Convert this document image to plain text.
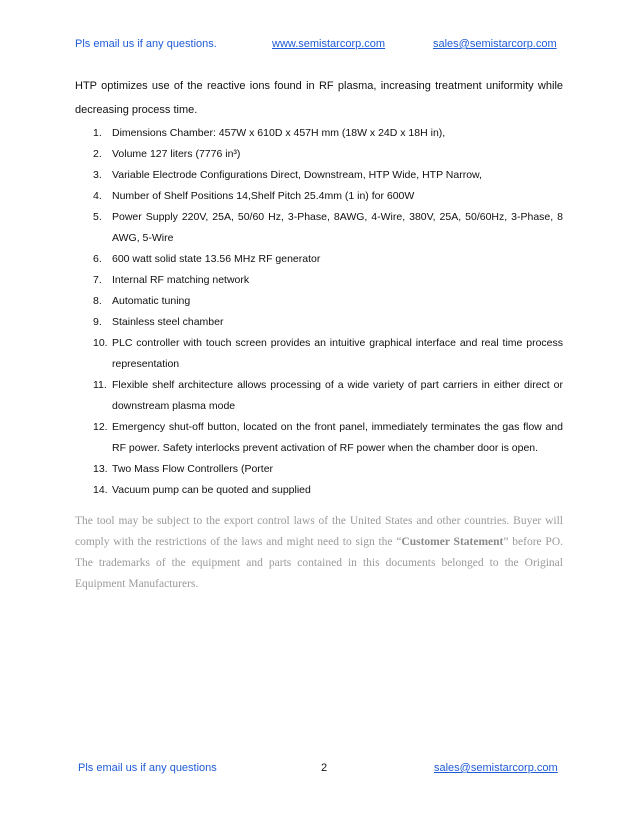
Pls email us if any questions.	www.semistarcorp.com	sales@semistarcorp.com
HTP optimizes use of the reactive ions found in RF plasma, increasing treatment uniformity while decreasing process time.
1. Dimensions Chamber: 457W x 610D x 457H mm (18W x 24D x 18H in),
2. Volume 127 liters (7776 in³)
3. Variable Electrode Configurations Direct, Downstream, HTP Wide, HTP Narrow,
4. Number of Shelf Positions 14,Shelf Pitch 25.4mm (1 in) for 600W
5. Power Supply 220V, 25A, 50/60 Hz, 3-Phase, 8AWG, 4-Wire, 380V, 25A, 50/60Hz, 3-Phase, 8 AWG, 5-Wire
6. 600 watt solid state 13.56 MHz RF generator
7. Internal RF matching network
8. Automatic tuning
9. Stainless steel chamber
10. PLC controller with touch screen provides an intuitive graphical interface and real time process representation
11. Flexible shelf architecture allows processing of a wide variety of part carriers in either direct or downstream plasma mode
12. Emergency shut-off button, located on the front panel, immediately terminates the gas flow and RF power. Safety interlocks prevent activation of RF power when the chamber door is open.
13. Two Mass Flow Controllers (Porter
14. Vacuum pump can be quoted and supplied
The tool may be subject to the export control laws of the United States and other countries. Buyer will comply with the restrictions of the laws and might need to sign the “Customer Statement” before PO. The trademarks of the equipment and parts contained in this documents belonged to the Original Equipment Manufacturers.
Pls email us if any questions	2	sales@semistarcorp.com
